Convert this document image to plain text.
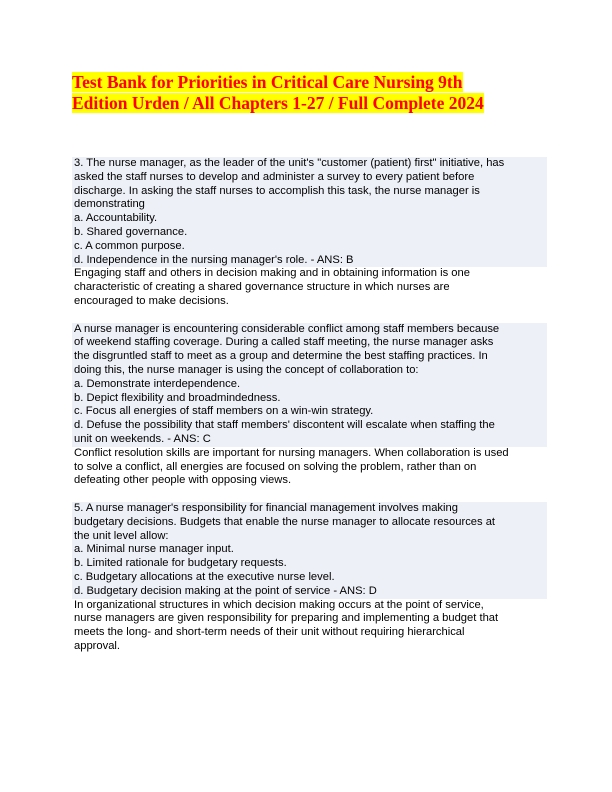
Test Bank for Priorities in Critical Care Nursing 9th
Edition Urden / All Chapters 1-27 / Full Complete 2024
3. The nurse manager, as the leader of the unit's "customer (patient) first" initiative, has
asked the staff nurses to develop and administer a survey to every patient before
discharge. In asking the staff nurses to accomplish this task, the nurse manager is
demonstrating
a. Accountability.
b. Shared governance.
c. A common purpose.
d. Independence in the nursing manager's role. - ANS: B
Engaging staff and others in decision making and in obtaining information is one
characteristic of creating a shared governance structure in which nurses are
encouraged to make decisions.
A nurse manager is encountering considerable conflict among staff members because
of weekend staffing coverage. During a called staff meeting, the nurse manager asks
the disgruntled staff to meet as a group and determine the best staffing practices. In
doing this, the nurse manager is using the concept of collaboration to:
a. Demonstrate interdependence.
b. Depict flexibility and broadmindedness.
c. Focus all energies of staff members on a win-win strategy.
d. Defuse the possibility that staff members' discontent will escalate when staffing the
unit on weekends. - ANS: C
Conflict resolution skills are important for nursing managers. When collaboration is used
to solve a conflict, all energies are focused on solving the problem, rather than on
defeating other people with opposing views.
5. A nurse manager's responsibility for financial management involves making
budgetary decisions. Budgets that enable the nurse manager to allocate resources at
the unit level allow:
a. Minimal nurse manager input.
b. Limited rationale for budgetary requests.
c. Budgetary allocations at the executive nurse level.
d. Budgetary decision making at the point of service - ANS: D
In organizational structures in which decision making occurs at the point of service,
nurse managers are given responsibility for preparing and implementing a budget that
meets the long- and short-term needs of their unit without requiring hierarchical
approval.
